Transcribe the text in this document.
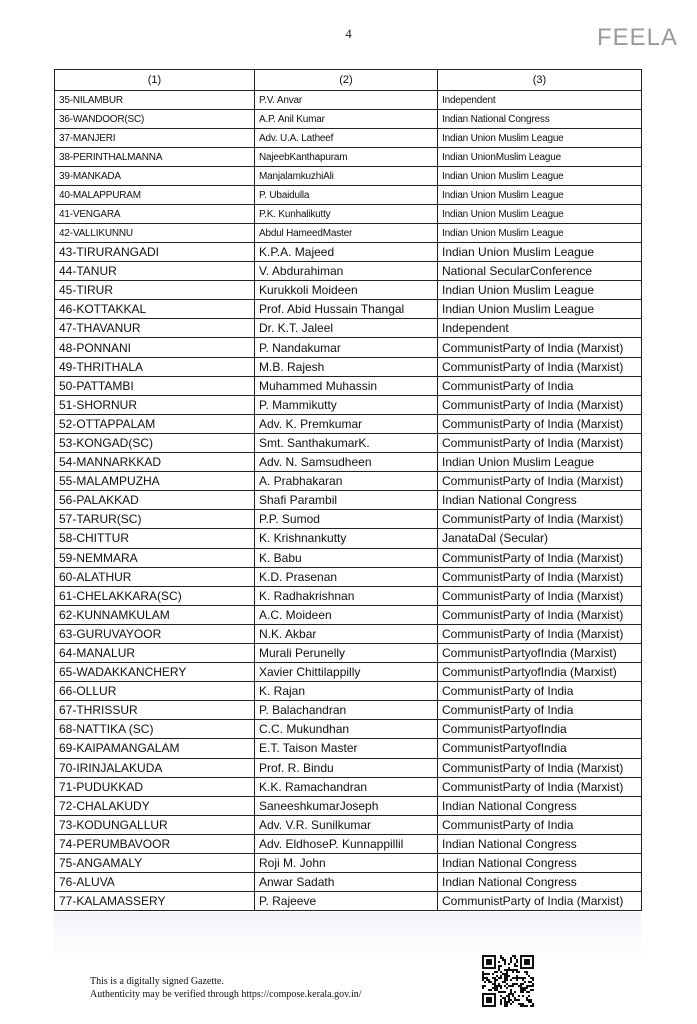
4	FEELA
(1)	(2)	(3)
35-NILAMBUR	P.V. Anvar	Independent
36-WANDOOR(SC)	A.P. Anil Kumar	Indian National Congress
37-MANJERI	Adv. U.A. Latheef	Indian Union Muslim League
38-PERINTHALMANNA	NajeebKanthapuram	Indian UnionMuslim League
39-MANKADA	ManjalamkuzhiAli	Indian Union Muslim League
40-MALAPPURAM	P. Ubaidulla	Indian Union Muslim League
41-VENGARA	P.K. Kunhalikutty	Indian Union Muslim League
42-VALLIKUNNU	Abdul HameedMaster	Indian Union Muslim League
43-TIRURANGADI	K.P.A. Majeed	Indian Union Muslim League
44-TANUR	V. Abdurahiman	National SecularConference
45-TIRUR	Kurukkoli Moideen	Indian Union Muslim League
46-KOTTAKKAL	Prof. Abid Hussain Thangal	Indian Union Muslim League
47-THAVANUR	Dr. K.T. Jaleel	Independent
48-PONNANI	P. Nandakumar	CommunistParty of India (Marxist)
49-THRITHALA	M.B. Rajesh	CommunistParty of India (Marxist)
50-PATTAMBI	Muhammed Muhassin	CommunistParty of India
51-SHORNUR	P. Mammikutty	CommunistParty of India (Marxist)
52-OTTAPPALAM	Adv. K. Premkumar	CommunistParty of India (Marxist)
53-KONGAD(SC)	Smt. SanthakumarK.	CommunistParty of India (Marxist)
54-MANNARKKAD	Adv. N. Samsudheen	Indian Union Muslim League
55-MALAMPUZHA	A. Prabhakaran	CommunistParty of India (Marxist)
56-PALAKKAD	Shafi Parambil	Indian National Congress
57-TARUR(SC)	P.P. Sumod	CommunistParty of India (Marxist)
58-CHITTUR	K. Krishnankutty	JanataDal (Secular)
59-NEMMARA	K. Babu	CommunistParty of India (Marxist)
60-ALATHUR	K.D. Prasenan	CommunistParty of India (Marxist)
61-CHELAKKARA(SC)	K. Radhakrishnan	CommunistParty of India (Marxist)
62-KUNNAMKULAM	A.C. Moideen	CommunistParty of India (Marxist)
63-GURUVAYOOR	N.K. Akbar	CommunistParty of India (Marxist)
64-MANALUR	Murali Perunelly	CommunistPartyofIndia (Marxist)
65-WADAKKANCHERY	Xavier Chittilappilly	CommunistPartyofIndia (Marxist)
66-OLLUR	K. Rajan	CommunistParty of India
67-THRISSUR	P. Balachandran	CommunistParty of India
68-NATTIKA (SC)	C.C. Mukundhan	CommunistPartyofIndia
69-KAIPAMANGALAM	E.T. Taison Master	CommunistPartyofIndia
70-IRINJALAKUDA	Prof. R. Bindu	CommunistParty of India (Marxist)
71-PUDUKKAD	K.K. Ramachandran	CommunistParty of India (Marxist)
72-CHALAKUDY	SaneeshkumarJoseph	Indian National Congress
73-KODUNGALLUR	Adv. V.R. Sunilkumar	CommunistParty of India
74-PERUMBAVOOR	Adv. EldhoseP. Kunnappillil	Indian National Congress
75-ANGAMALY	Roji M. John	Indian National Congress
76-ALUVA	Anwar Sadath	Indian National Congress
77-KALAMASSERY	P. Rajeeve	CommunistParty of India (Marxist)
This is a digitally signed Gazette.
Authenticity may be verified through https://compose.kerala.gov.in/
